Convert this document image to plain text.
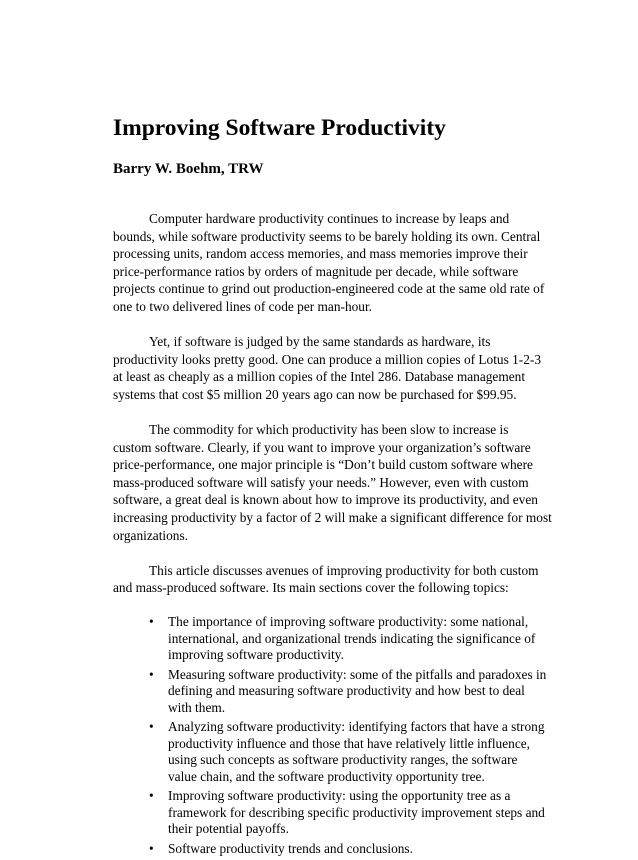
Improving Software Productivity

Barry W. Boehm, TRW

Computer hardware productivity continues to increase by leaps and
bounds, while software productivity seems to be barely holding its own. Central
processing units, random access memories, and mass memories improve their
price-performance ratios by orders of magnitude per decade, while software
projects continue to grind out production-engineered code at the same old rate of
one to two delivered lines of code per man-hour.

Yet, if software is judged by the same standards as hardware, its
productivity looks pretty good. One can produce a million copies of Lotus 1-2-3
at least as cheaply as a million copies of the Intel 286. Database management
systems that cost $5 million 20 years ago can now be purchased for $99.95.

The commodity for which productivity has been slow to increase is
custom software. Clearly, if you want to improve your organization’s software
price-performance, one major principle is “Don’t build custom software where
mass-produced software will satisfy your needs.” However, even with custom
software, a great deal is known about how to improve its productivity, and even
increasing productivity by a factor of 2 will make a significant difference for most
organizations.

This article discusses avenues of improving productivity for both custom
and mass-produced software. Its main sections cover the following topics:

• The importance of improving software productivity: some national,
international, and organizational trends indicating the significance of
improving software productivity.
• Measuring software productivity: some of the pitfalls and paradoxes in
defining and measuring software productivity and how best to deal
with them.
• Analyzing software productivity: identifying factors that have a strong
productivity influence and those that have relatively little influence,
using such concepts as software productivity ranges, the software
value chain, and the software productivity opportunity tree.
• Improving software productivity: using the opportunity tree as a
framework for describing specific productivity improvement steps and
their potential payoffs.
• Software productivity trends and conclusions.
